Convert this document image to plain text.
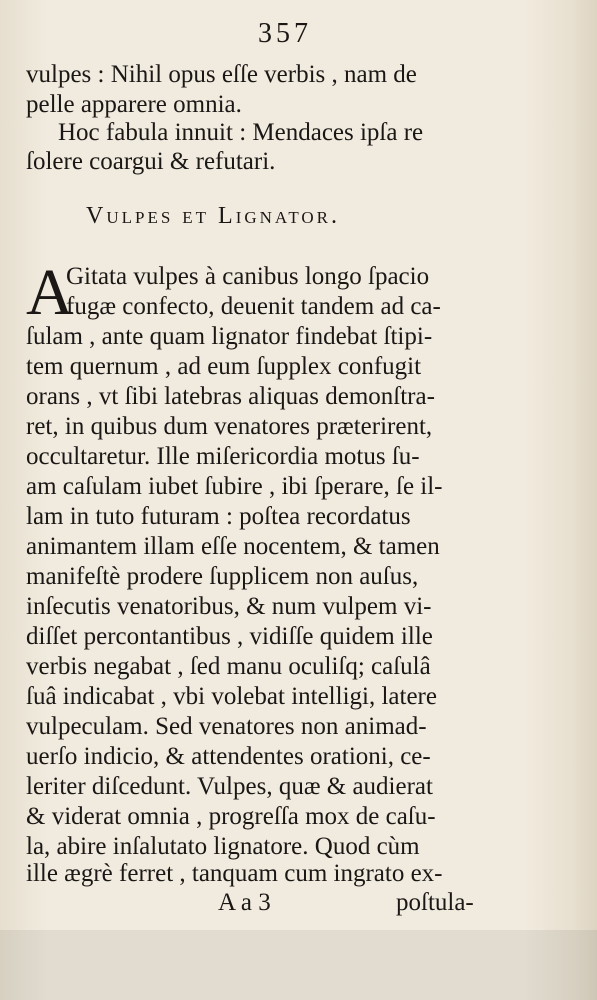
357
vulpes : Nihil opus eſſe verbis , nam de
pelle apparere omnia.
Hoc fabula innuit : Mendaces ipſa re
ſolere coargui & refutari.
Vulpes et Lignator.
A
Gitata vulpes à canibus longo ſpacio
fugæ confecto, deuenit tandem ad ca-
ſulam , ante quam lignator findebat ſtipi-
tem quernum , ad eum ſupplex confugit
orans , vt ſibi latebras aliquas demonſtra-
ret, in quibus dum venatores præterirent,
occultaretur. Ille miſericordia motus ſu-
am caſulam iubet ſubire , ibi ſperare, ſe il-
lam in tuto futuram : poſtea recordatus
animantem illam eſſe nocentem, & tamen
manifeſtè prodere ſupplicem non auſus,
inſecutis venatoribus, & num vulpem vi-
diſſet percontantibus , vidiſſe quidem ille
verbis negabat , ſed manu oculiſq; caſulâ
ſuâ indicabat , vbi volebat intelligi, latere
vulpeculam. Sed venatores non animad-
uerſo indicio, & attendentes orationi, ce-
leriter diſcedunt. Vulpes, quæ & audierat
& viderat omnia , progreſſa mox de caſu-
la, abire inſalutato lignatore. Quod cùm
ille ægrè ferret , tanquam cum ingrato ex-
A a 3	poſtula-
